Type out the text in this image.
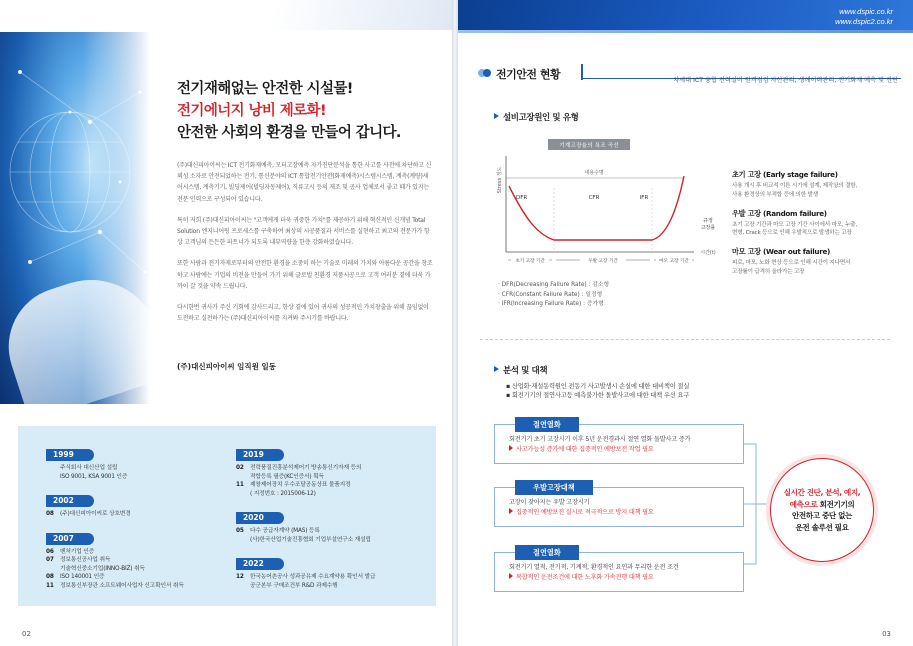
전기재해없는 안전한 시설물!
전기에너지 낭비 제로화!
안전한 사회의 환경을 만들어 갑니다.

(주)대신피아이씨는 ICT 전기화재예측, 모터고장예측 자가진단분석을 통한 사고를 사전에 차단하고 신뢰성 소자로 안전되었하는 전기, 통신분야의 ICT 통합전기안전(화재예측)시스템시스템, 계측(계량)세어시스템, 계측기기, 빌딩제어(빌딩자동제어), 직류고시 등의 제조 및 공사 업체로서 좋고 때가 있지는 전문 인력으로 구성되어 있습니다.

특히 저희 (주)대신피아이씨는 "고객에게 더욱 귀중한 가치"를 제공하기 위해 혁신적인 신개념 Total Solution 엔지니어링 프로세스를 구축하여 최상의 시공품질과 서비스를 실현하고 최고의 전문가가 항상 고객님의 든든한 파트너가 되도록 내부역량을 한층 강화하였습니다.

또한 사람과 전기자재로부터의 안전한 환경을 소중히 하는 기술로 미래의 가치와 아름다운 공간을 창조하고 사람에는 기업의 비전을 만들어 가기 위해 글로벌 친환경 저품시공으로 고객 여러분 곁에 더욱 가까이 갈 것을 약속 드립니다.

다시한번 귀사가 주신 기회에 감사드리고, 항상 곁에 있어 귀사의 성공적인 가치창출을 위해 끊임없이 도전하고 실천하가는 (주)대신피아이씨를 지켜봐 주시기를 바랍니다.

(주)대신피아이씨 임직원 일동
1999
주식회사 대신산업 설립
ISO 9001, KSA 9001 인증
2002
08 (주)대신피아이씨로 상호변경
2007
06 벤처기업 인증
07 정보통신공사업 취득
기술혁신중소기업(INNO-BIZ) 취득
08 ISO 140001 인증
11 정보통신부장관 소프트웨어사업자 신고확인서 취득
2019
02 전력품질진흥분석제어기 방송통신기자재 등의
적합등록 필증(KC인증서) 획득
11 제창제어장치 우수조달공동상표 물품지정
( 지정번호 : 2015006-12)
2020
05 다수 공급자계약 (MAS) 등록
(사)한국산업기술진흥협회 기업부설연구소 재설립
2022
12 한국농어촌공사 성과공유제 수요계약용 확인서 발급
공군본부 구매조건부 R&D 과제수행
02
www.dspic.co.kr
www.dspic2.co.kr
전기안전 현황	차세대 ICT 융합 전력설비 원격점검 자산관리, 생애이력관리, 전기화재 예측 및 진단
설비고장원인 및 유형
기계고장율의 욕조 곡선
Stress 정도	내용수명
DFR	CFR	IFR
규정
고장률
시간(t)
초기 고장 기간	우발 고장 기간	마모 고장 기간
· DFR(Decreasing Failure Rate) : 감소형
· CFR(Constant Failure Rate) : 일정형
· IFR(Increasing Failure Rate) : 증가형
초기 고장 (Early stage failure)
사용 개시 후 비교적 이른 시기에 설계, 제작상의 결함,
사용 환경상의 부적합 등에 의한 발생
우발 고장 (Random failure)
초기 고장 기간과 마모 고장 기간 사이에서 마모, 누출,
변형, Crack 등으로 인해 우발적으로 발생하는 고장
마모 고장 (Wear out failure)
피로, 마모, 노화 현상 등으로 인해 시간이 지나면서
고장률이 급격히 올라가는 고장
분석 및 대책
▪ 산업화·재설동력원인 전동기 사고발생시 손실에 대한 대비책이 절실
▪ 회전기기의 절연사고등 예측불가한 돌발사고에 대한 대책 우선 요구
절연열화
회전기기 초기 고장시기 이후 5년 운전경과시 절연 열화 돌발사고 증가
사고가능성 증가에 대한 집중적인 예방보전 작업 필요
우발고장대책
고장이 잦아지는 우발 고장시기
집중적인 예방보전 실시로 적극적으로 방지 대책 필요
절연열화
회전기기 열적, 전기적, 기계적, 환경적인 요인과 무리한 운전 조건
복합적인 운전조건에 대한 노후화 가속진행 대책 필요
실시간 진단, 분석, 예지,
예측으로 회전기기의
안전하고 중단 없는
운전 솔루션 필요
03
